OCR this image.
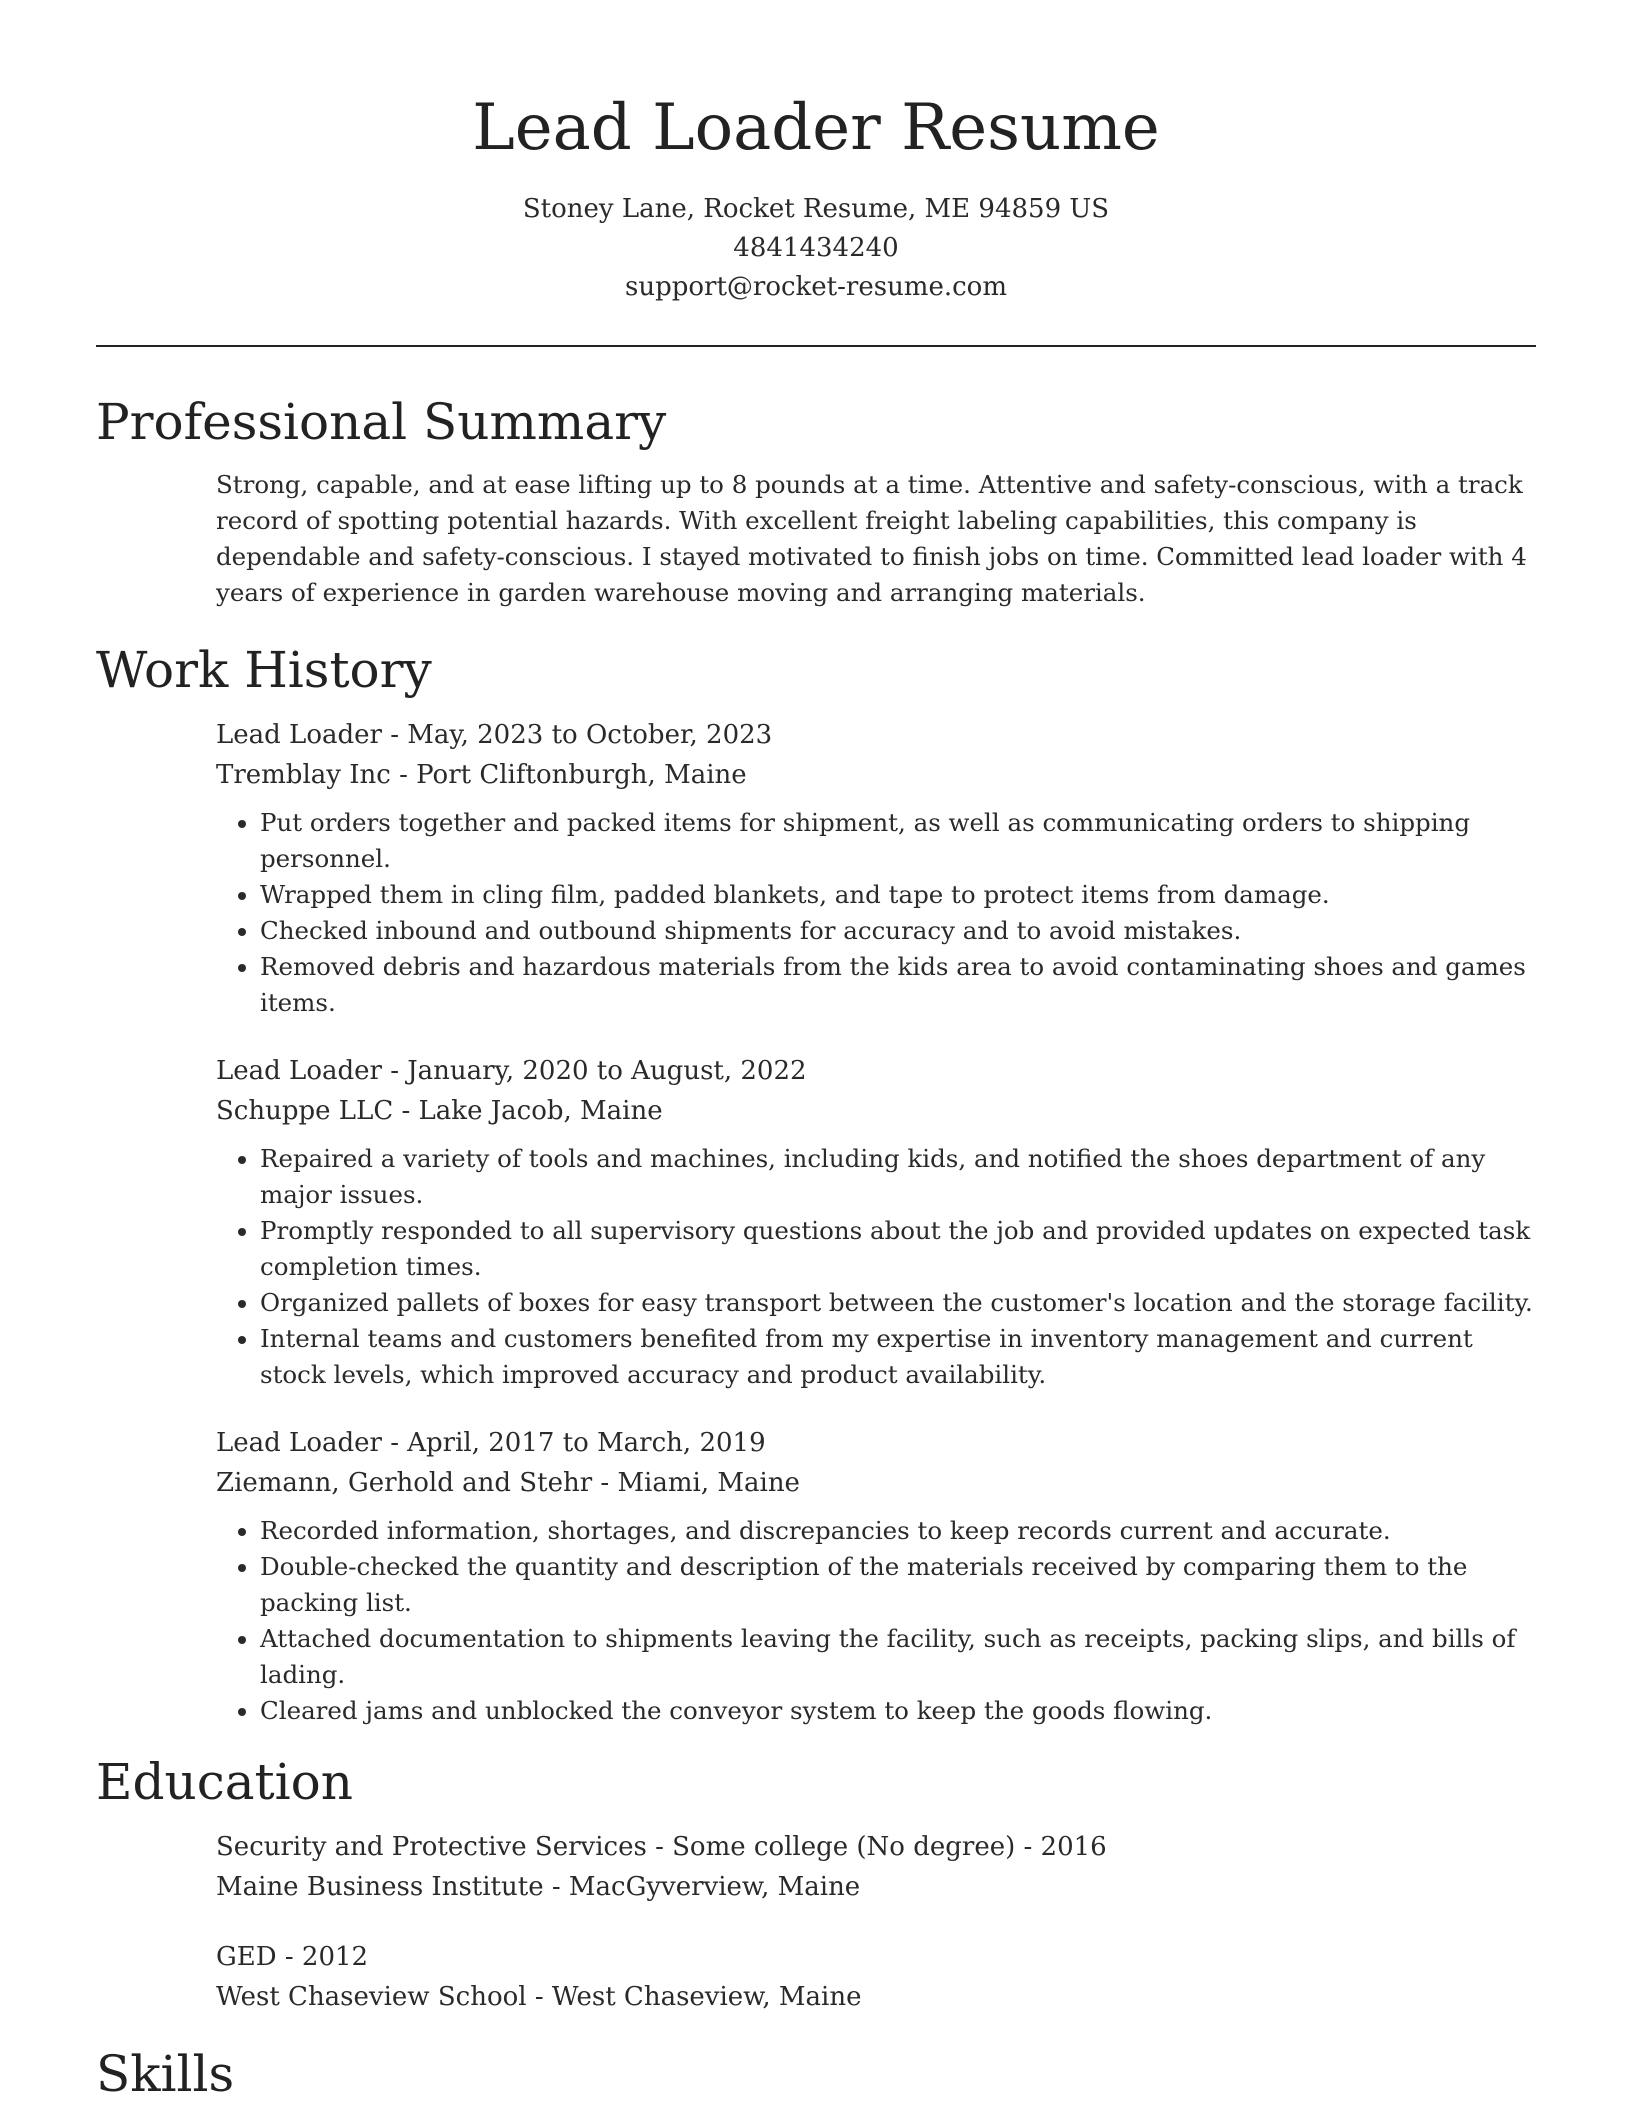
Lead Loader Resume
Stoney Lane, Rocket Resume, ME 94859 US
4841434240
support@rocket-resume.com
Professional Summary
Strong, capable, and at ease lifting up to 8 pounds at a time. Attentive and safety-conscious, with a track record of spotting potential hazards. With excellent freight labeling capabilities, this company is dependable and safety-conscious. I stayed motivated to finish jobs on time. Committed lead loader with 4 years of experience in garden warehouse moving and arranging materials.
Work History
Lead Loader - May, 2023 to October, 2023
Tremblay Inc - Port Cliftonburgh, Maine
• Put orders together and packed items for shipment, as well as communicating orders to shipping personnel.
• Wrapped them in cling film, padded blankets, and tape to protect items from damage.
• Checked inbound and outbound shipments for accuracy and to avoid mistakes.
• Removed debris and hazardous materials from the kids area to avoid contaminating shoes and games items.
Lead Loader - January, 2020 to August, 2022
Schuppe LLC - Lake Jacob, Maine
• Repaired a variety of tools and machines, including kids, and notified the shoes department of any major issues.
• Promptly responded to all supervisory questions about the job and provided updates on expected task completion times.
• Organized pallets of boxes for easy transport between the customer's location and the storage facility.
• Internal teams and customers benefited from my expertise in inventory management and current stock levels, which improved accuracy and product availability.
Lead Loader - April, 2017 to March, 2019
Ziemann, Gerhold and Stehr - Miami, Maine
• Recorded information, shortages, and discrepancies to keep records current and accurate.
• Double-checked the quantity and description of the materials received by comparing them to the packing list.
• Attached documentation to shipments leaving the facility, such as receipts, packing slips, and bills of lading.
• Cleared jams and unblocked the conveyor system to keep the goods flowing.
Education
Security and Protective Services - Some college (No degree) - 2016
Maine Business Institute - MacGyverview, Maine
GED - 2012
West Chaseview School - West Chaseview, Maine
Skills
